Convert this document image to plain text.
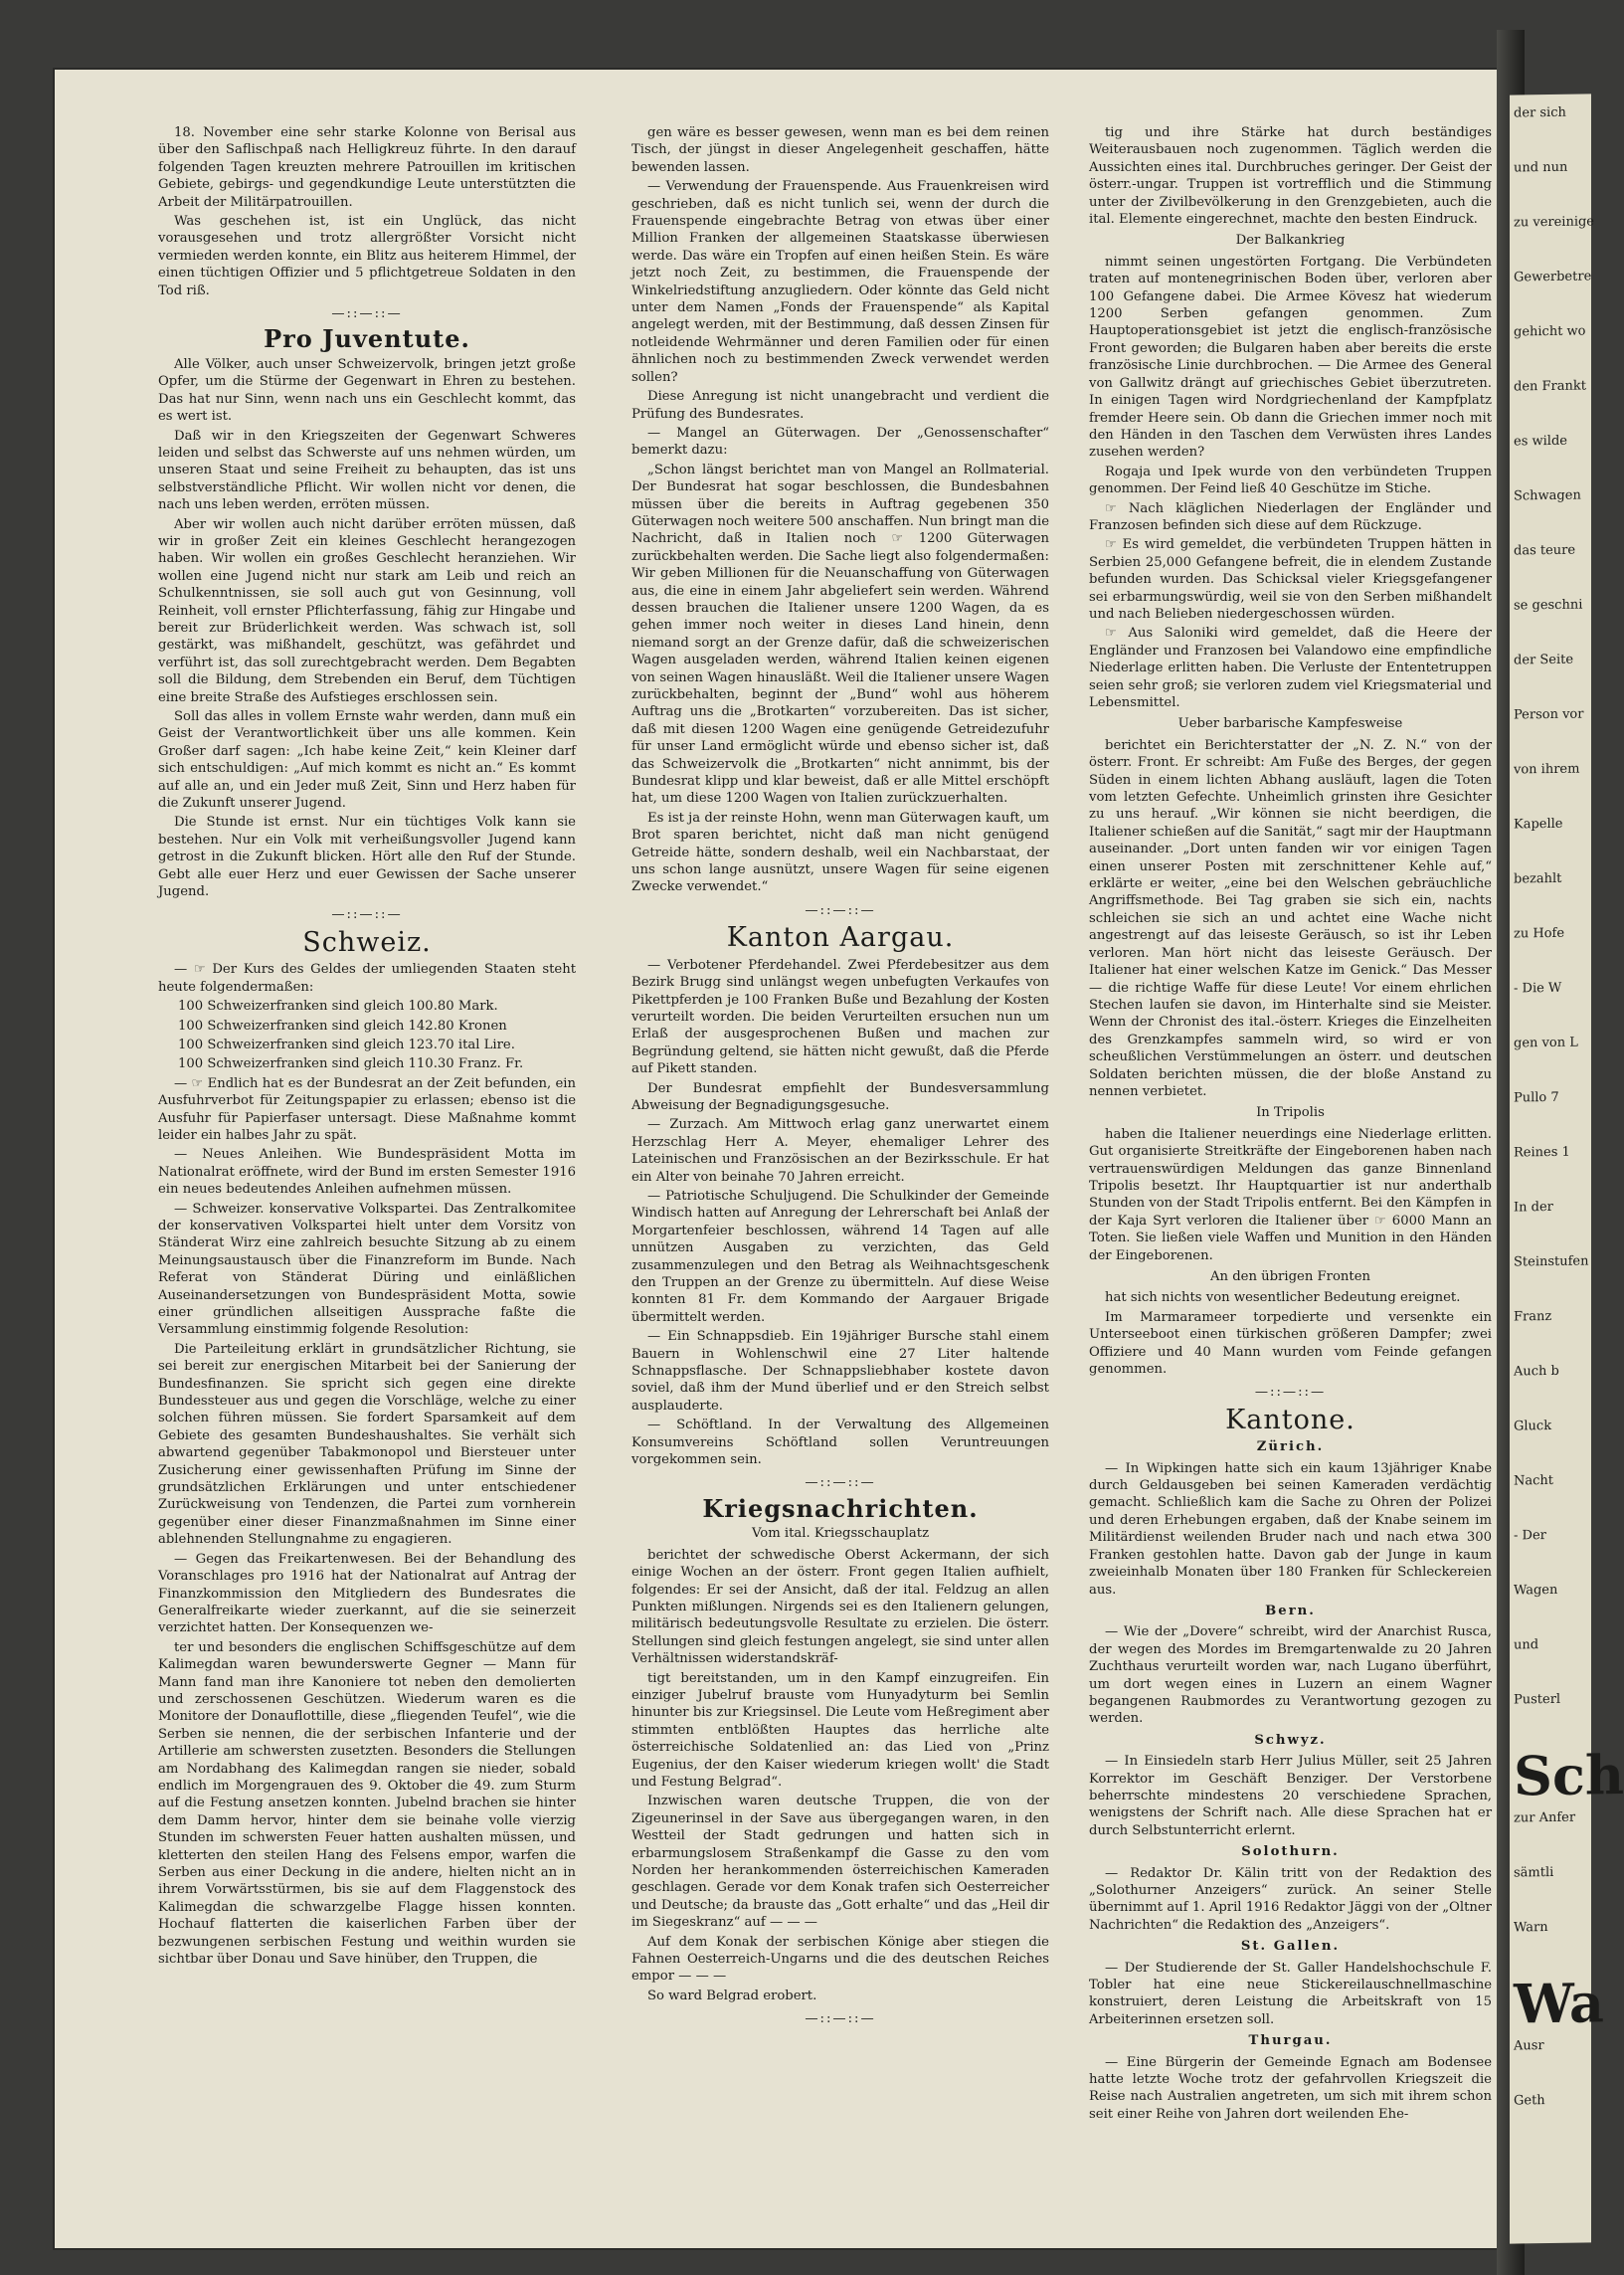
18. November eine sehr starke Kolonne von Berisal aus über den Saflischpaß nach Helligkreuz führte. In den darauf folgenden Tagen kreuzten mehrere Patrouillen im kritischen Gebiete, gebirgs- und gegendkundige Leute unterstützten die Arbeit der Militärpatrouillen.

Was geschehen ist, ist ein Unglück, das nicht vorausgesehen und trotz allergrößter Vorsicht nicht vermieden werden konnte, ein Blitz aus heiterem Himmel, der einen tüchtigen Offizier und 5 pflichtgetreue Soldaten in den Tod riß.

—::—::—
Pro Juventute.

Alle Völker, auch unser Schweizervolk, bringen jetzt große Opfer, um die Stürme der Gegenwart in Ehren zu bestehen. Das hat nur Sinn, wenn nach uns ein Geschlecht kommt, das es wert ist.

Daß wir in den Kriegszeiten der Gegenwart Schweres leiden und selbst das Schwerste auf uns nehmen würden, um unseren Staat und seine Freiheit zu behaupten, das ist uns selbstverständliche Pflicht. Wir wollen nicht vor denen, die nach uns leben werden, erröten müssen.

Aber wir wollen auch nicht darüber erröten müssen, daß wir in großer Zeit ein kleines Geschlecht herangezogen haben. Wir wollen ein großes Geschlecht heranziehen. Wir wollen eine Jugend nicht nur stark am Leib und reich an Schulkenntnissen, sie soll auch gut von Gesinnung, voll Reinheit, voll ernster Pflichterfassung, fähig zur Hingabe und bereit zur Brüderlichkeit werden. Was schwach ist, soll gestärkt, was mißhandelt, geschützt, was gefährdet und verführt ist, das soll zurechtgebracht werden. Dem Begabten soll die Bildung, dem Strebenden ein Beruf, dem Tüchtigen eine breite Straße des Aufstieges erschlossen sein.

Soll das alles in vollem Ernste wahr werden, dann muß ein Geist der Verantwortlichkeit über uns alle kommen. Kein Großer darf sagen: „Ich habe keine Zeit,“ kein Kleiner darf sich entschuldigen: „Auf mich kommt es nicht an.“ Es kommt auf alle an, und ein Jeder muß Zeit, Sinn und Herz haben für die Zukunft unserer Jugend.

Die Stunde ist ernst. Nur ein tüchtiges Volk kann sie bestehen. Nur ein Volk mit verheißungsvoller Jugend kann getrost in die Zukunft blicken. Hört alle den Ruf der Stunde. Gebt alle euer Herz und euer Gewissen der Sache unserer Jugend.

—::—::—
Schweiz.

— ☞ Der Kurs des Geldes der umliegenden Staaten steht heute folgendermaßen:

100 Schweizerfranken sind gleich 100.80 Mark.

100 Schweizerfranken sind gleich 142.80 Kronen

100 Schweizerfranken sind gleich 123.70 ital Lire.

100 Schweizerfranken sind gleich 110.30 Franz. Fr.

— ☞ Endlich hat es der Bundesrat an der Zeit befunden, ein Ausfuhrverbot für Zeitungspapier zu erlassen; ebenso ist die Ausfuhr für Papierfaser untersagt. Diese Maßnahme kommt leider ein halbes Jahr zu spät.

— Neues Anleihen. Wie Bundespräsident Motta im Nationalrat eröffnete, wird der Bund im ersten Semester 1916 ein neues bedeutendes Anleihen aufnehmen müssen.

— Schweizer. konservative Volkspartei. Das Zentralkomitee der konservativen Volkspartei hielt unter dem Vorsitz von Ständerat Wirz eine zahlreich besuchte Sitzung ab zu einem Meinungsaustausch über die Finanzreform im Bunde. Nach Referat von Ständerat Düring und einläßlichen Auseinandersetzungen von Bundespräsident Motta, sowie einer gründlichen allseitigen Aussprache faßte die Versammlung einstimmig folgende Resolution:

Die Parteileitung erklärt in grundsätzlicher Richtung, sie sei bereit zur energischen Mitarbeit bei der Sanierung der Bundesfinanzen. Sie spricht sich gegen eine direkte Bundessteuer aus und gegen die Vorschläge, welche zu einer solchen führen müssen. Sie fordert Sparsamkeit auf dem Gebiete des gesamten Bundeshaushaltes. Sie verhält sich abwartend gegenüber Tabakmonopol und Biersteuer unter Zusicherung einer gewissenhaften Prüfung im Sinne der grundsätzlichen Erklärungen und unter entschiedener Zurückweisung von Tendenzen, die Partei zum vornherein gegenüber einer dieser Finanzmaßnahmen im Sinne einer ablehnenden Stellungnahme zu engagieren.

— Gegen das Freikartenwesen. Bei der Behandlung des Voranschlages pro 1916 hat der Nationalrat auf Antrag der Finanzkommission den Mitgliedern des Bundesrates die Generalfreikarte wieder zuerkannt, auf die sie seinerzeit verzichtet hatten. Der Konsequenzen we-

ter und besonders die englischen Schiffsgeschütze auf dem Kalimegdan waren bewunderswerte Gegner — Mann für Mann fand man ihre Kanoniere tot neben den demolierten und zerschossenen Geschützen. Wiederum waren es die Monitore der Donauflottille, diese „fliegenden Teufel“, wie die Serben sie nennen, die der serbischen Infanterie und der Artillerie am schwersten zusetzten. Besonders die Stellungen am Nordabhang des Kalimegdan rangen sie nieder, sobald endlich im Morgengrauen des 9. Oktober die 49. zum Sturm auf die Festung ansetzen konnten. Jubelnd brachen sie hinter dem Damm hervor, hinter dem sie beinahe volle vierzig Stunden im schwersten Feuer hatten aushalten müssen, und kletterten den steilen Hang des Felsens empor, warfen die Serben aus einer Deckung in die andere, hielten nicht an in ihrem Vorwärtsstürmen, bis sie auf dem Flaggenstock des Kalimegdan die schwarzgelbe Flagge hissen konnten. Hochauf flatterten die kaiserlichen Farben über der bezwungenen serbischen Festung und weithin wurden sie sichtbar über Donau und Save hinüber, den Truppen, die

gen wäre es besser gewesen, wenn man es bei dem reinen Tisch, der jüngst in dieser Angelegenheit geschaffen, hätte bewenden lassen.

— Verwendung der Frauenspende. Aus Frauenkreisen wird geschrieben, daß es nicht tunlich sei, wenn der durch die Frauenspende eingebrachte Betrag von etwas über einer Million Franken der allgemeinen Staatskasse überwiesen werde. Das wäre ein Tropfen auf einen heißen Stein. Es wäre jetzt noch Zeit, zu bestimmen, die Frauenspende der Winkelriedstiftung anzugliedern. Oder könnte das Geld nicht unter dem Namen „Fonds der Frauenspende“ als Kapital angelegt werden, mit der Bestimmung, daß dessen Zinsen für notleidende Wehrmänner und deren Familien oder für einen ähnlichen noch zu bestimmenden Zweck verwendet werden sollen?

Diese Anregung ist nicht unangebracht und verdient die Prüfung des Bundesrates.

— Mangel an Güterwagen. Der „Genossenschafter“ bemerkt dazu:

„Schon längst berichtet man von Mangel an Rollmaterial. Der Bundesrat hat sogar beschlossen, die Bundesbahnen müssen über die bereits in Auftrag gegebenen 350 Güterwagen noch weitere 500 anschaffen. Nun bringt man die Nachricht, daß in Italien noch ☞ 1200 Güterwagen zurückbehalten werden. Die Sache liegt also folgendermaßen: Wir geben Millionen für die Neuanschaffung von Güterwagen aus, die eine in einem Jahr abgeliefert sein werden. Während dessen brauchen die Italiener unsere 1200 Wagen, da es gehen immer noch weiter in dieses Land hinein, denn niemand sorgt an der Grenze dafür, daß die schweizerischen Wagen ausgeladen werden, während Italien keinen eigenen von seinen Wagen hinausläßt. Weil die Italiener unsere Wagen zurückbehalten, beginnt der „Bund“ wohl aus höherem Auftrag uns die „Brotkarten“ vorzubereiten. Das ist sicher, daß mit diesen 1200 Wagen eine genügende Getreidezufuhr für unser Land ermöglicht würde und ebenso sicher ist, daß das Schweizervolk die „Brotkarten“ nicht annimmt, bis der Bundesrat klipp und klar beweist, daß er alle Mittel erschöpft hat, um diese 1200 Wagen von Italien zurückzuerhalten.

Es ist ja der reinste Hohn, wenn man Güterwagen kauft, um Brot sparen berichtet, nicht daß man nicht genügend Getreide hätte, sondern deshalb, weil ein Nachbarstaat, der uns schon lange ausnützt, unsere Wagen für seine eigenen Zwecke verwendet.“

—::—::—
Kanton Aargau.

— Verbotener Pferdehandel. Zwei Pferdebesitzer aus dem Bezirk Brugg sind unlängst wegen unbefugten Verkaufes von Pikettpferden je 100 Franken Buße und Bezahlung der Kosten verurteilt worden. Die beiden Verurteilten ersuchen nun um Erlaß der ausgesprochenen Bußen und machen zur Begründung geltend, sie hätten nicht gewußt, daß die Pferde auf Pikett standen.

Der Bundesrat empfiehlt der Bundesversammlung Abweisung der Begnadigungsgesuche.

— Zurzach. Am Mittwoch erlag ganz unerwartet einem Herzschlag Herr A. Meyer, ehemaliger Lehrer des Lateinischen und Französischen an der Bezirksschule. Er hat ein Alter von beinahe 70 Jahren erreicht.

— Patriotische Schuljugend. Die Schulkinder der Gemeinde Windisch hatten auf Anregung der Lehrerschaft bei Anlaß der Morgartenfeier beschlossen, während 14 Tagen auf alle unnützen Ausgaben zu verzichten, das Geld zusammenzulegen und den Betrag als Weihnachtsgeschenk den Truppen an der Grenze zu übermitteln. Auf diese Weise konnten 81 Fr. dem Kommando der Aargauer Brigade übermittelt werden.

— Ein Schnappsdieb. Ein 19jähriger Bursche stahl einem Bauern in Wohlenschwil eine 27 Liter haltende Schnappsflasche. Der Schnappsliebhaber kostete davon soviel, daß ihm der Mund überlief und er den Streich selbst ausplauderte.

— Schöftland. In der Verwaltung des Allgemeinen Konsumvereins Schöftland sollen Veruntreuungen vorgekommen sein.

—::—::—
Kriegsnachrichten.
Vom ital. Kriegsschauplatz

berichtet der schwedische Oberst Ackermann, der sich einige Wochen an der österr. Front gegen Italien aufhielt, folgendes: Er sei der Ansicht, daß der ital. Feldzug an allen Punkten mißlungen. Nirgends sei es den Italienern gelungen, militärisch bedeutungsvolle Resultate zu erzielen. Die österr. Stellungen sind gleich festungen angelegt, sie sind unter allen Verhältnissen widerstandskräf-

tigt bereitstanden, um in den Kampf einzugreifen. Ein einziger Jubelruf brauste vom Hunyadyturm bei Semlin hinunter bis zur Kriegsinsel. Die Leute vom Heßregiment aber stimmten entblößten Hauptes das herrliche alte österreichische Soldatenlied an: das Lied von „Prinz Eugenius, der den Kaiser wiederum kriegen wollt' die Stadt und Festung Belgrad“.

Inzwischen waren deutsche Truppen, die von der Zigeunerinsel in der Save aus übergegangen waren, in den Westteil der Stadt gedrungen und hatten sich in erbarmungslosem Straßenkampf die Gasse zu den vom Norden her herankommenden österreichischen Kameraden geschlagen. Gerade vor dem Konak trafen sich Oesterreicher und Deutsche; da brauste das „Gott erhalte“ und das „Heil dir im Siegeskranz“ auf — — —

Auf dem Konak der serbischen Könige aber stiegen die Fahnen Oesterreich-Ungarns und die des deutschen Reiches empor — — —

So ward Belgrad erobert.

—::—::—

tig und ihre Stärke hat durch beständiges Weiterausbauen noch zugenommen. Täglich werden die Aussichten eines ital. Durchbruches geringer. Der Geist der österr.-ungar. Truppen ist vortrefflich und die Stimmung unter der Zivilbevölkerung in den Grenzgebieten, auch die ital. Elemente eingerechnet, machte den besten Eindruck.

Der Balkankrieg

nimmt seinen ungestörten Fortgang. Die Verbündeten traten auf montenegrinischen Boden über, verloren aber 100 Gefangene dabei. Die Armee Kövesz hat wiederum 1200 Serben gefangen genommen. Zum Hauptoperationsgebiet ist jetzt die englisch-französische Front geworden; die Bulgaren haben aber bereits die erste französische Linie durchbrochen. — Die Armee des General von Gallwitz drängt auf griechisches Gebiet überzutreten. In einigen Tagen wird Nordgriechenland der Kampfplatz fremder Heere sein. Ob dann die Griechen immer noch mit den Händen in den Taschen dem Verwüsten ihres Landes zusehen werden?

Rogaja und Ipek wurde von den verbündeten Truppen genommen. Der Feind ließ 40 Geschütze im Stiche.

☞ Nach kläglichen Niederlagen der Engländer und Franzosen befinden sich diese auf dem Rückzuge.

☞ Es wird gemeldet, die verbündeten Truppen hätten in Serbien 25,000 Gefangene befreit, die in elendem Zustande befunden wurden. Das Schicksal vieler Kriegsgefangener sei erbarmungswürdig, weil sie von den Serben mißhandelt und nach Belieben niedergeschossen würden.

☞ Aus Saloniki wird gemeldet, daß die Heere der Engländer und Franzosen bei Valandowo eine empfindliche Niederlage erlitten haben. Die Verluste der Ententetruppen seien sehr groß; sie verloren zudem viel Kriegsmaterial und Lebensmittel.

Ueber barbarische Kampfesweise

berichtet ein Berichterstatter der „N. Z. N.“ von der österr. Front. Er schreibt: Am Fuße des Berges, der gegen Süden in einem lichten Abhang ausläuft, lagen die Toten vom letzten Gefechte. Unheimlich grinsten ihre Gesichter zu uns herauf. „Wir können sie nicht beerdigen, die Italiener schießen auf die Sanität,“ sagt mir der Hauptmann auseinander. „Dort unten fanden wir vor einigen Tagen einen unserer Posten mit zerschnittener Kehle auf,“ erklärte er weiter, „eine bei den Welschen gebräuchliche Angriffsmethode. Bei Tag graben sie sich ein, nachts schleichen sie sich an und achtet eine Wache nicht angestrengt auf das leiseste Geräusch, so ist ihr Leben verloren. Man hört nicht das leiseste Geräusch. Der Italiener hat einer welschen Katze im Genick.“ Das Messer — die richtige Waffe für diese Leute! Vor einem ehrlichen Stechen laufen sie davon, im Hinterhalte sind sie Meister. Wenn der Chronist des ital.-österr. Krieges die Einzelheiten des Grenzkampfes sammeln wird, so wird er von scheußlichen Verstümmelungen an österr. und deutschen Soldaten berichten müssen, die der bloße Anstand zu nennen verbietet.

In Tripolis

haben die Italiener neuerdings eine Niederlage erlitten. Gut organisierte Streitkräfte der Eingeborenen haben nach vertrauenswürdigen Meldungen das ganze Binnenland Tripolis besetzt. Ihr Hauptquartier ist nur anderthalb Stunden von der Stadt Tripolis entfernt. Bei den Kämpfen in der Kaja Syrt verloren die Italiener über ☞ 6000 Mann an Toten. Sie ließen viele Waffen und Munition in den Händen der Eingeborenen.

An den übrigen Fronten

hat sich nichts von wesentlicher Bedeutung ereignet.

Im Marmarameer torpedierte und versenkte ein Unterseeboot einen türkischen größeren Dampfer; zwei Offiziere und 40 Mann wurden vom Feinde gefangen genommen.

—::—::—
Kantone.
Zürich.

— In Wipkingen hatte sich ein kaum 13jähriger Knabe durch Geldausgeben bei seinen Kameraden verdächtig gemacht. Schließlich kam die Sache zu Ohren der Polizei und deren Erhebungen ergaben, daß der Knabe seinem im Militärdienst weilenden Bruder nach und nach etwa 300 Franken gestohlen hatte. Davon gab der Junge in kaum zweieinhalb Monaten über 180 Franken für Schleckereien aus.

Bern.

— Wie der „Dovere“ schreibt, wird der Anarchist Rusca, der wegen des Mordes im Bremgartenwalde zu 20 Jahren Zuchthaus verurteilt worden war, nach Lugano überführt, um dort wegen eines in Luzern an einem Wagner begangenen Raubmordes zu Verantwortung gezogen zu werden.

Schwyz.

— In Einsiedeln starb Herr Julius Müller, seit 25 Jahren Korrektor im Geschäft Benziger. Der Verstorbene beherrschte mindestens 20 verschiedene Sprachen, wenigstens der Schrift nach. Alle diese Sprachen hat er durch Selbstunterricht erlernt.

Solothurn.

— Redaktor Dr. Kälin tritt von der Redaktion des „Solothurner Anzeigers“ zurück. An seiner Stelle übernimmt auf 1. April 1916 Redaktor Jäggi von der „Oltner Nachrichten“ die Redaktion des „Anzeigers“.

St. Gallen.

— Der Studierende der St. Galler Handelshochschule F. Tobler hat eine neue Stickereilauschnellmaschine konstruiert, deren Leistung die Arbeitskraft von 15 Arbeiterinnen ersetzen soll.

Thurgau.

— Eine Bürgerin der Gemeinde Egnach am Bodensee hatte letzte Woche trotz der gefahrvollen Kriegszeit die Reise nach Australien angetreten, um sich mit ihrem schon seit einer Reihe von Jahren dort weilenden Ehe-

der sich
und nun
zu vereinige
Gewerbetre
gehicht wo
den Frankt
es wilde
Schwagen
das teure
se geschni
der Seite
Person vor
von ihrem
Kapelle
bezahlt
zu Hofe
- Die W
gen von L
Pullo 7
Reines 1
In der
Steinstufen
Franz
Auch b
Gluck
Nacht
- Der
Wagen
und
Pusterl
Sch
zur Anfer
sämtli
Warn
Wa
Ausr
Geth
